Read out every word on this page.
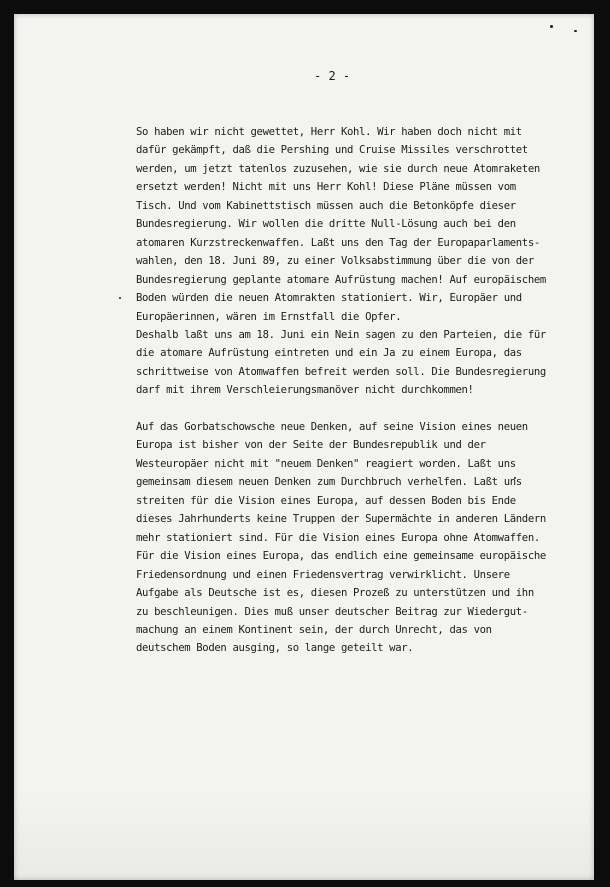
- 2 -

So haben wir nicht gewettet, Herr Kohl. Wir haben doch nicht mit
dafür gekämpft, daß die Pershing und Cruise Missiles verschrottet
werden, um jetzt tatenlos zuzusehen, wie sie durch neue Atomraketen
ersetzt werden! Nicht mit uns Herr Kohl! Diese Pläne müssen vom
Tisch. Und vom Kabinettstisch müssen auch die Betonköpfe dieser
Bundesregierung. Wir wollen die dritte Null-Lösung auch bei den
atomaren Kurzstreckenwaffen. Laßt uns den Tag der Europaparlaments-
wahlen, den 18. Juni 89, zu einer Volksabstimmung über die von der
Bundesregierung geplante atomare Aufrüstung machen! Auf europäischem
Boden würden die neuen Atomrakten stationiert. Wir, Europäer und
Europäerinnen, wären im Ernstfall die Opfer.
Deshalb laßt uns am 18. Juni ein Nein sagen zu den Parteien, die für
die atomare Aufrüstung eintreten und ein Ja zu einem Europa, das
schrittweise von Atomwaffen befreit werden soll. Die Bundesregierung
darf mit ihrem Verschleierungsmanöver nicht durchkommen!
Auf das Gorbatschowsche neue Denken, auf seine Vision eines neuen
Europa ist bisher von der Seite der Bundesrepublik und der
Westeuropäer nicht mit "neuem Denken" reagiert worden. Laßt uns
gemeinsam diesem neuen Denken zum Durchbruch verhelfen. Laßt uns
streiten für die Vision eines Europa, auf dessen Boden bis Ende
dieses Jahrhunderts keine Truppen der Supermächte in anderen Ländern
mehr stationiert sind. Für die Vision eines Europa ohne Atomwaffen.
Für die Vision eines Europa, das endlich eine gemeinsame europäische
Friedensordnung und einen Friedensvertrag verwirklicht. Unsere
Aufgabe als Deutsche ist es, diesen Prozeß zu unterstützen und ihn
zu beschleunigen. Dies muß unser deutscher Beitrag zur Wiedergut-
machung an einem Kontinent sein, der durch Unrecht, das von
deutschem Boden ausging, so lange geteilt war.
